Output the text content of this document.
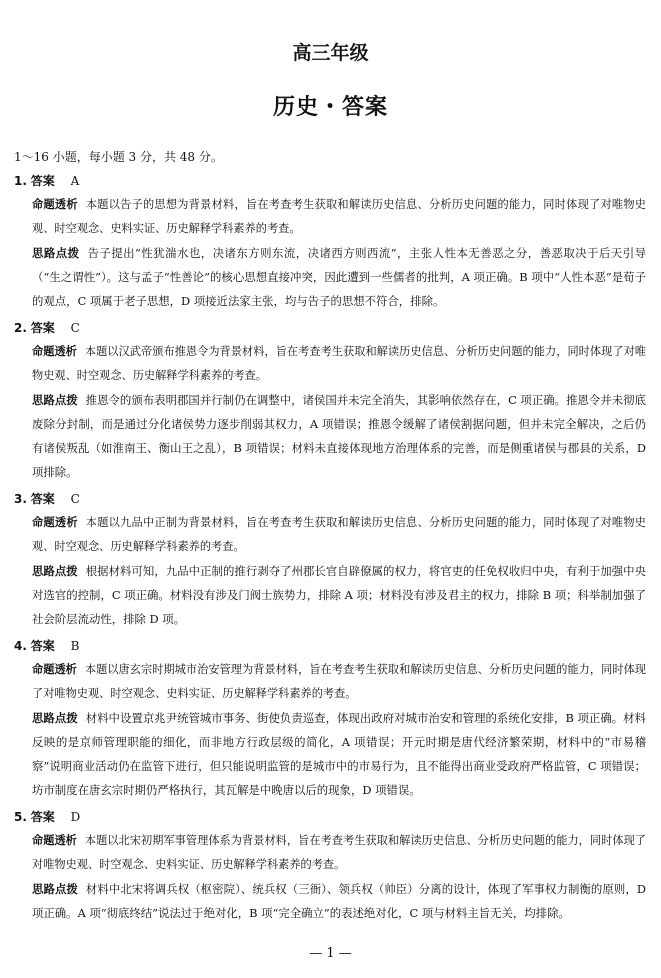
高三年级
历史・答案
1～16 小题，每小题 3 分，共 48 分。
1. 答案 A

命题透析 本题以告子的思想为背景材料，旨在考查考生获取和解读历史信息、分析历史问题的能力，同时体现了对唯物史观、时空观念、史料实证、历史解释学科素养的考查。

思路点拨 告子提出“性犹湍水也，决诸东方则东流，决诸西方则西流”，主张人性本无善恶之分，善恶取决于后天引导（“生之谓性”）。这与孟子“性善论”的核心思想直接冲突，因此遭到一些儒者的批判，A 项正确。B 项中“人性本恶”是荀子的观点，C 项属于老子思想，D 项接近法家主张，均与告子的思想不符合，排除。

2. 答案 C

命题透析 本题以汉武帝颁布推恩令为背景材料，旨在考查考生获取和解读历史信息、分析历史问题的能力，同时体现了对唯物史观、时空观念、历史解释学科素养的考查。

思路点拨 推恩令的颁布表明郡国并行制仍在调整中，诸侯国并未完全消失，其影响依然存在，C 项正确。推恩令并未彻底废除分封制，而是通过分化诸侯势力逐步削弱其权力，A 项错误；推恩令缓解了诸侯割据问题，但并未完全解决，之后仍有诸侯叛乱（如淮南王、衡山王之乱），B 项错误；材料未直接体现地方治理体系的完善，而是侧重诸侯与郡县的关系，D 项排除。

3. 答案 C

命题透析 本题以九品中正制为背景材料，旨在考查考生获取和解读历史信息、分析历史问题的能力，同时体现了对唯物史观、时空观念、历史解释学科素养的考查。

思路点拨 根据材料可知，九品中正制的推行剥夺了州郡长官自辟僚属的权力，将官吏的任免权收归中央，有利于加强中央对选官的控制，C 项正确。材料没有涉及门阀士族势力，排除 A 项；材料没有涉及君主的权力，排除 B 项；科举制加强了社会阶层流动性，排除 D 项。

4. 答案 B

命题透析 本题以唐玄宗时期城市治安管理为背景材料，旨在考查考生获取和解读历史信息、分析历史问题的能力，同时体现了对唯物史观、时空观念、史料实证、历史解释学科素养的考查。

思路点拨 材料中设置京兆尹统管城市事务、街使负责巡查，体现出政府对城市治安和管理的系统化安排，B 项正确。材料反映的是京师管理职能的细化，而非地方行政层级的简化，A 项错误；开元时期是唐代经济繁荣期，材料中的“市易稽察”说明商业活动仍在监管下进行，但只能说明监管的是城市中的市易行为，且不能得出商业受政府严格监管，C 项错误；坊市制度在唐玄宗时期仍严格执行，其瓦解是中晚唐以后的现象，D 项错误。

5. 答案 D

命题透析 本题以北宋初期军事管理体系为背景材料，旨在考查考生获取和解读历史信息、分析历史问题的能力，同时体现了对唯物史观、时空观念、史料实证、历史解释学科素养的考查。

思路点拨 材料中北宋将调兵权（枢密院）、统兵权（三衙）、领兵权（帅臣）分离的设计，体现了军事权力制衡的原则，D 项正确。A 项“彻底终结”说法过于绝对化，B 项“完全确立”的表述绝对化，C 项与材料主旨无关，均排除。

— 1 —
